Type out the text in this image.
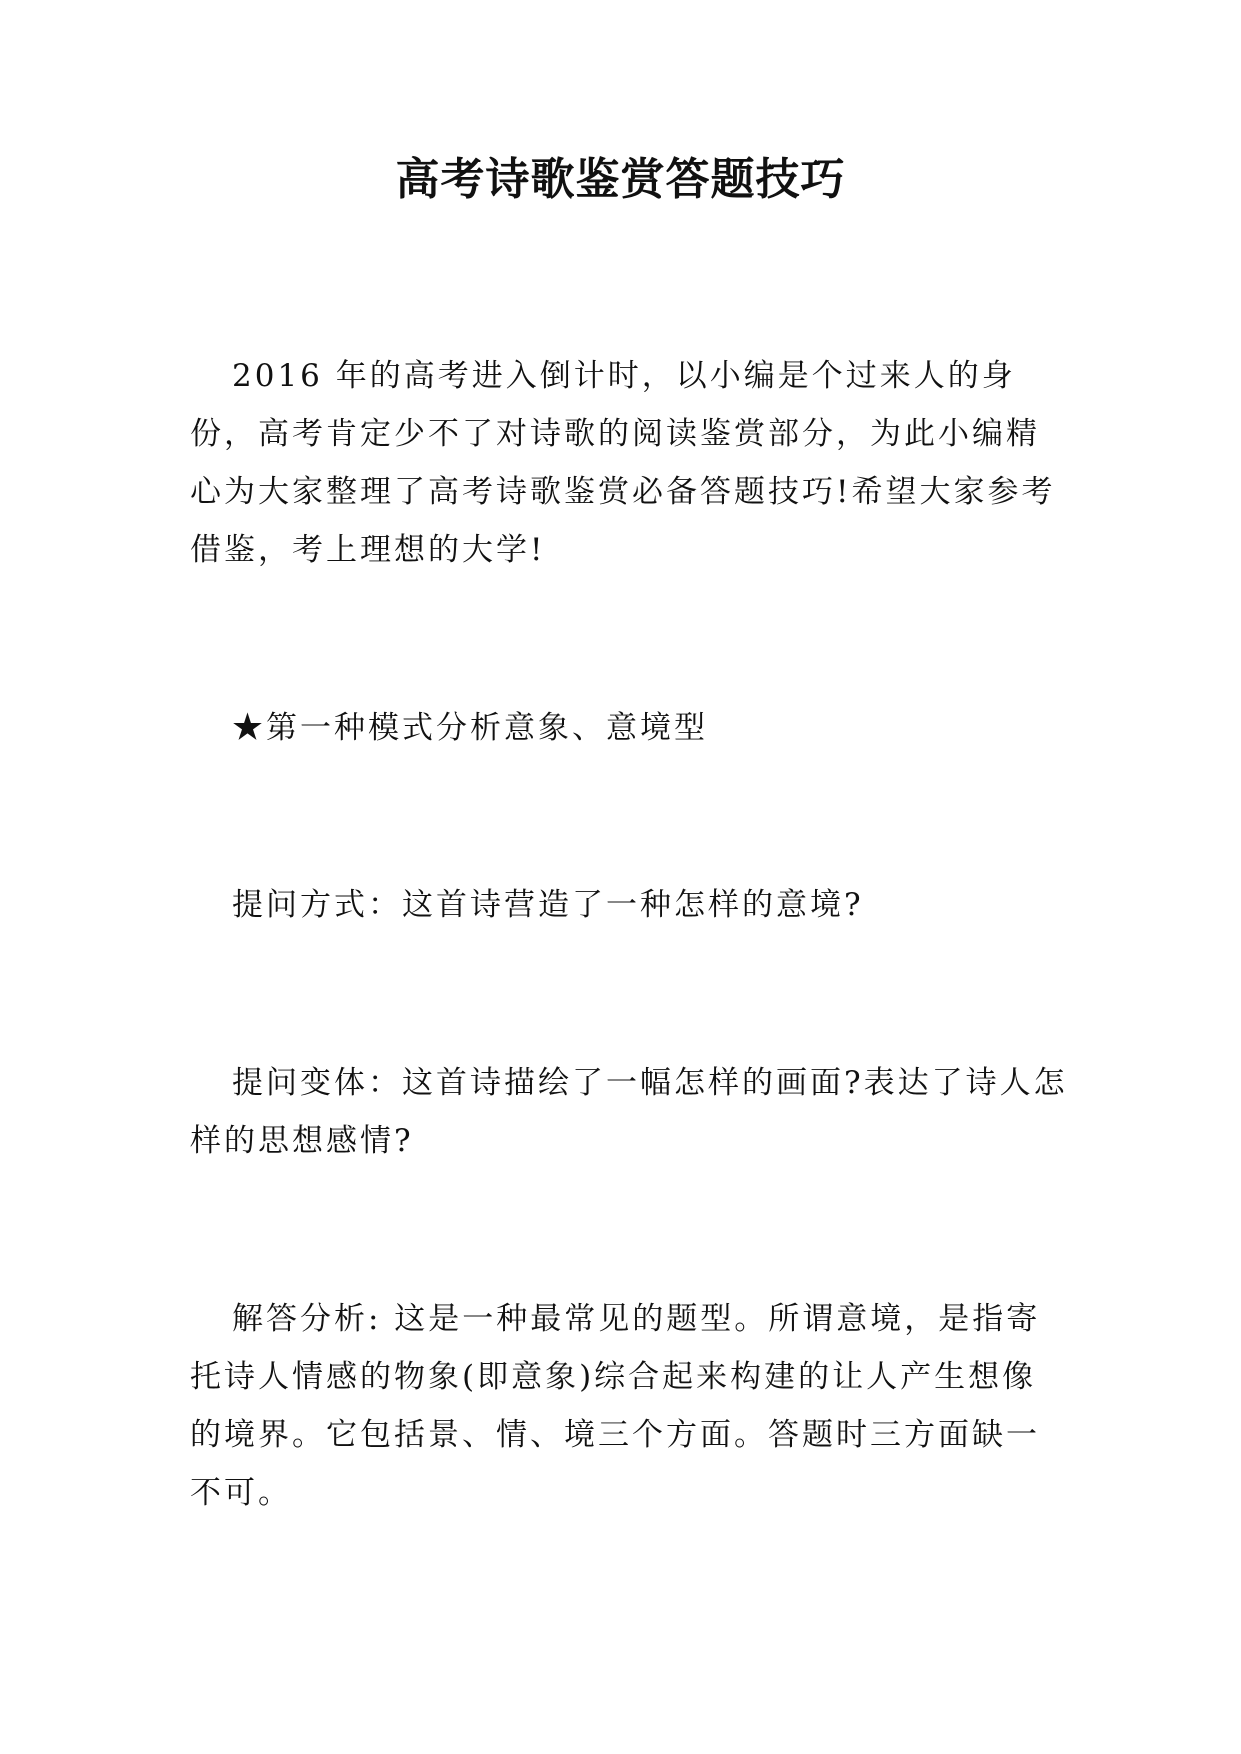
高考诗歌鉴赏答题技巧

2016 年的高考进入倒计时，以小编是个过来人的身份，高考肯定少不了对诗歌的阅读鉴赏部分，为此小编精心为大家整理了高考诗歌鉴赏必备答题技巧!希望大家参考借鉴，考上理想的大学!

★第一种模式分析意象、意境型

提问方式：这首诗营造了一种怎样的意境?

提问变体：这首诗描绘了一幅怎样的画面?表达了诗人怎样的思想感情?

解答分析: 这是一种最常见的题型。所谓意境，是指寄托诗人情感的物象(即意象)综合起来构建的让人产生想像的境界。它包括景、情、境三个方面。答题时三方面缺一不可。
